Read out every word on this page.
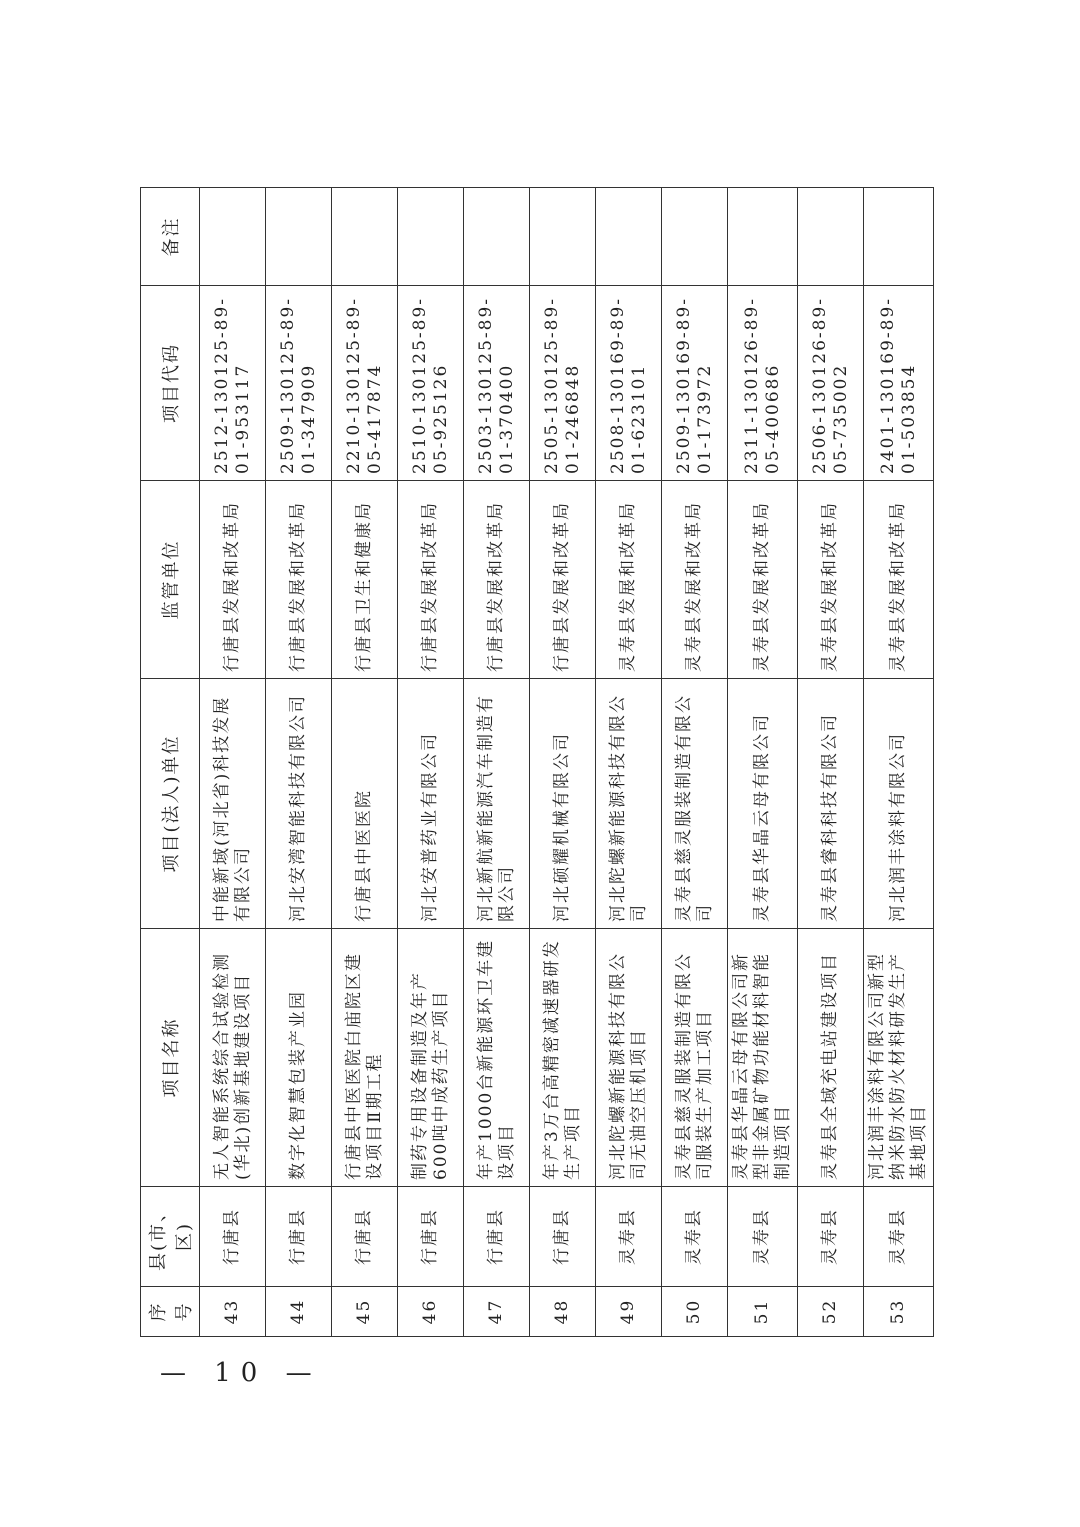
序号	县(市、区)	项目名称	项目(法人)单位	监管单位	项目代码	备注
43	行唐县	无人智能系统综合试验检测(华北)创新基地建设项目	中能新域(河北省)科技发展有限公司	行唐县发展和改革局	2512-130125-89-01-953117	
44	行唐县	数字化智慧包装产业园	河北安湾智能科技有限公司	行唐县发展和改革局	2509-130125-89-01-347909	
45	行唐县	行唐县中医医院白庙院区建设项目Ⅱ期工程	行唐县中医医院	行唐县卫生和健康局	2210-130125-89-05-417874	
46	行唐县	制药专用设备制造及年产600吨中成药生产项目	河北安普药业有限公司	行唐县发展和改革局	2510-130125-89-05-925126	
47	行唐县	年产1000台新能源环卫车建设项目	河北新航新能源汽车制造有限公司	行唐县发展和改革局	2503-130125-89-01-370400	
48	行唐县	年产3万台高精密减速器研发生产项目	河北硕耀机械有限公司	行唐县发展和改革局	2505-130125-89-01-246848	
49	灵寿县	河北陀螺新能源科技有限公司无油空压机项目	河北陀螺新能源科技有限公司	灵寿县发展和改革局	2508-130169-89-01-623101	
50	灵寿县	灵寿县慈灵服装制造有限公司服装生产加工项目	灵寿县慈灵服装制造有限公司	灵寿县发展和改革局	2509-130169-89-01-173972	
51	灵寿县	灵寿县华晶云母有限公司新型非金属矿物功能材料智能制造项目	灵寿县华晶云母有限公司	灵寿县发展和改革局	2311-130126-89-05-400686	
52	灵寿县	灵寿县全域充电站建设项目	灵寿县睿科科技有限公司	灵寿县发展和改革局	2506-130126-89-05-735002	
53	灵寿县	河北润丰涂料有限公司新型纳米防水防火材料研发生产基地项目	河北润丰涂料有限公司	灵寿县发展和改革局	2401-130169-89-01-503854	
— 10 —
